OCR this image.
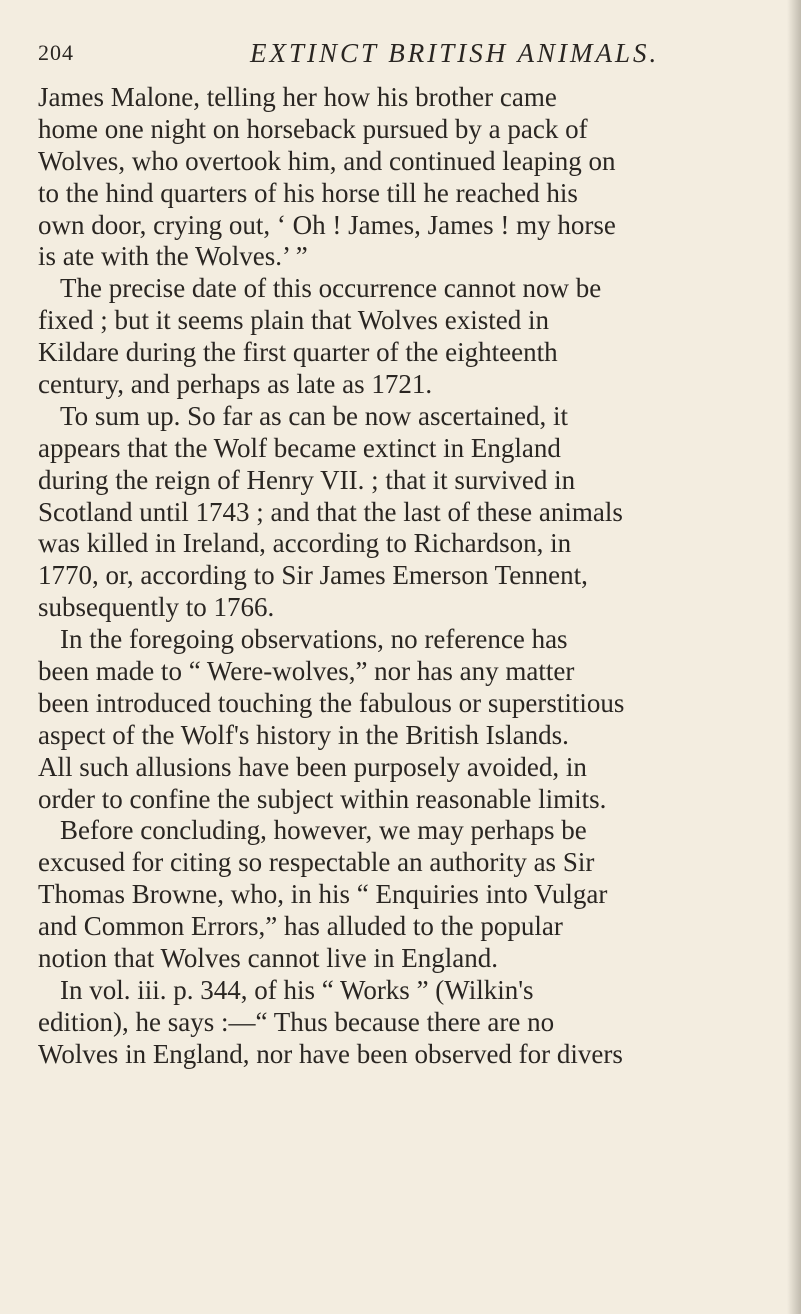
204	EXTINCT BRITISH ANIMALS.
James Malone, telling her how his brother came
home one night on horseback pursued by a pack of
Wolves, who overtook him, and continued leaping on
to the hind quarters of his horse till he reached his
own door, crying out, ‘ Oh ! James, James ! my horse
is ate with the Wolves.’ ”
The precise date of this occurrence cannot now be
fixed ; but it seems plain that Wolves existed in
Kildare during the first quarter of the eighteenth
century, and perhaps as late as 1721.
To sum up. So far as can be now ascertained, it
appears that the Wolf became extinct in England
during the reign of Henry VII. ; that it survived in
Scotland until 1743 ; and that the last of these animals
was killed in Ireland, according to Richardson, in
1770, or, according to Sir James Emerson Tennent,
subsequently to 1766.
In the foregoing observations, no reference has
been made to “ Were-wolves,” nor has any matter
been introduced touching the fabulous or superstitious
aspect of the Wolf's history in the British Islands.
All such allusions have been purposely avoided, in
order to confine the subject within reasonable limits.
Before concluding, however, we may perhaps be
excused for citing so respectable an authority as Sir
Thomas Browne, who, in his “ Enquiries into Vulgar
and Common Errors,” has alluded to the popular
notion that Wolves cannot live in England.
In vol. iii. p. 344, of his “ Works ” (Wilkin's
edition), he says :—“ Thus because there are no
Wolves in England, nor have been observed for divers
